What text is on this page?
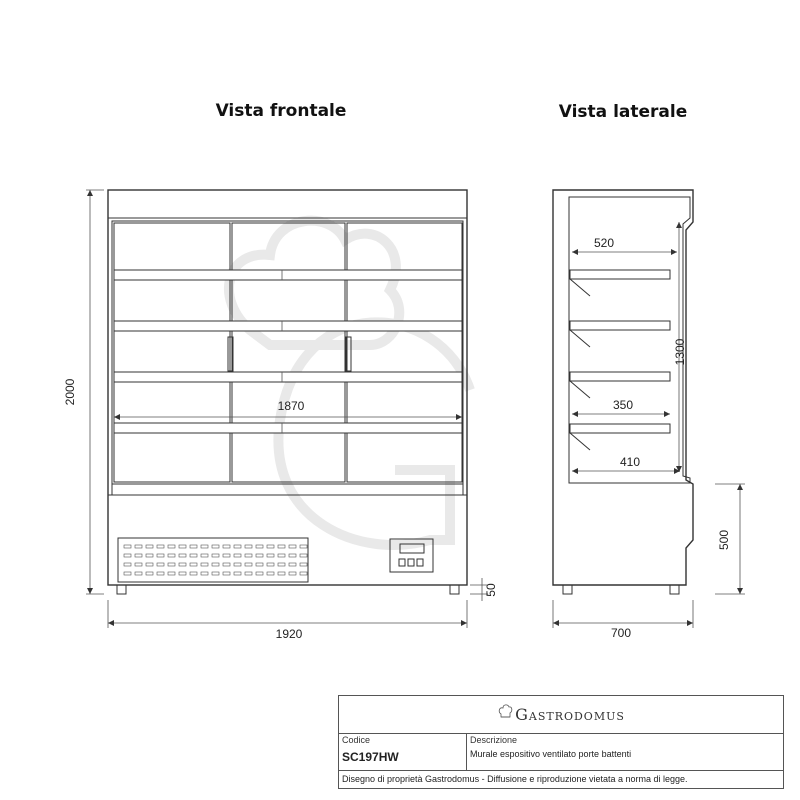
Vista frontale	Vista laterale
1870
2000
1920
50
520
1300
350
410
700
500
Gastrodomus
Codice
SC197HW
Descrizione
Murale espositivo ventilato porte battenti
Disegno di proprietà Gastrodomus - Diffusione e riproduzione vietata a norma di legge.
